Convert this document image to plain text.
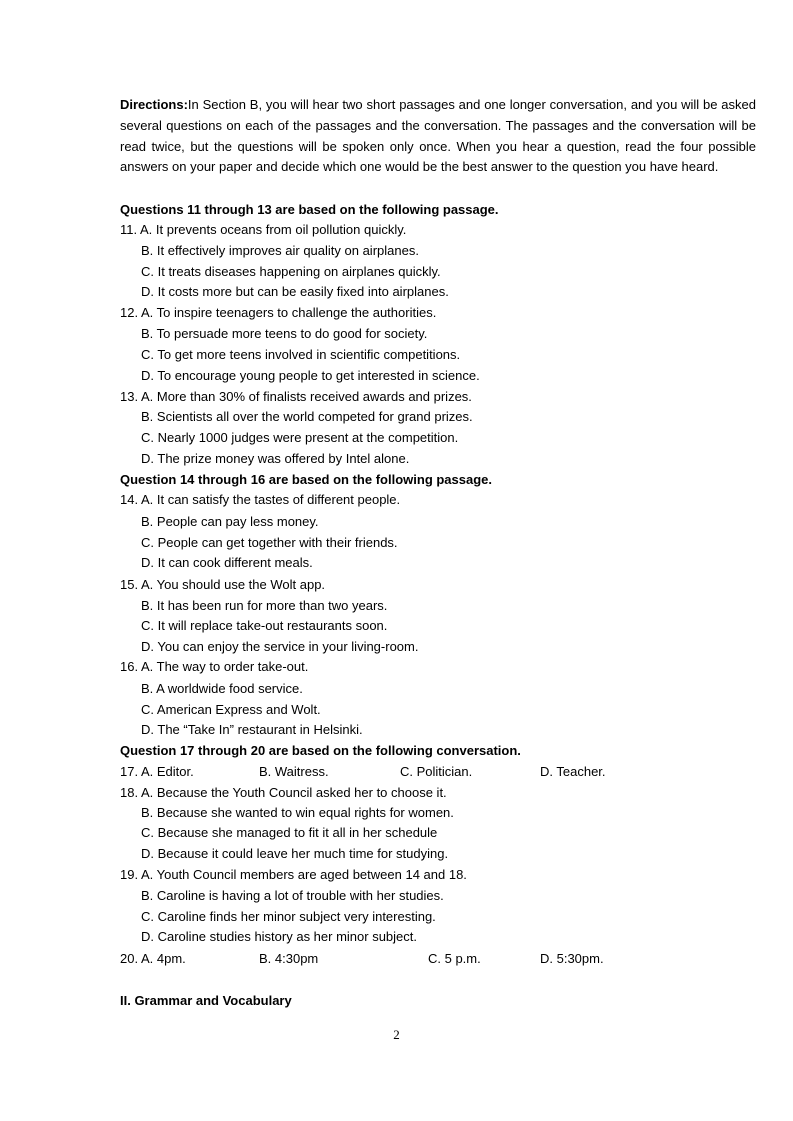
Directions:In Section B, you will hear two short passages and one longer conversation, and you will be asked several questions on each of the passages and the conversation. The passages and the conversation will be read twice, but the questions will be spoken only once. When you hear a question, read the four possible answers on your paper and decide which one would be the best answer to the question you have heard.

Questions 11 through 13 are based on the following passage.
11. A. It prevents oceans from oil pollution quickly.
B. It effectively improves air quality on airplanes.
C. It treats diseases happening on airplanes quickly.
D. It costs more but can be easily fixed into airplanes.
12. A. To inspire teenagers to challenge the authorities.
B. To persuade more teens to do good for society.
C. To get more teens involved in scientific competitions.
D. To encourage young people to get interested in science.
13. A. More than 30% of finalists received awards and prizes.
B. Scientists all over the world competed for grand prizes.
C. Nearly 1000 judges were present at the competition.
D. The prize money was offered by Intel alone.
Question 14 through 16 are based on the following passage.
14. A. It can satisfy the tastes of different people.
B. People can pay less money.
C. People can get together with their friends.
D. It can cook different meals.
15. A. You should use the Wolt app.
B. It has been run for more than two years.
C. It will replace take-out restaurants soon.
D. You can enjoy the service in your living-room.
16. A. The way to order take-out.
B. A worldwide food service.
C. American Express and Wolt.
D. The “Take In” restaurant in Helsinki.
Question 17 through 20 are based on the following conversation.
17. A. Editor.	B. Waitress.	C. Politician.	D. Teacher.
18. A. Because the Youth Council asked her to choose it.
B. Because she wanted to win equal rights for women.
C. Because she managed to fit it all in her schedule
D. Because it could leave her much time for studying.
19. A. Youth Council members are aged between 14 and 18.
B. Caroline is having a lot of trouble with her studies.
C. Caroline finds her minor subject very interesting.
D. Caroline studies history as her minor subject.
20. A. 4pm.	B. 4:30pm	C. 5 p.m.	D. 5:30pm.
II. Grammar and Vocabulary
2
